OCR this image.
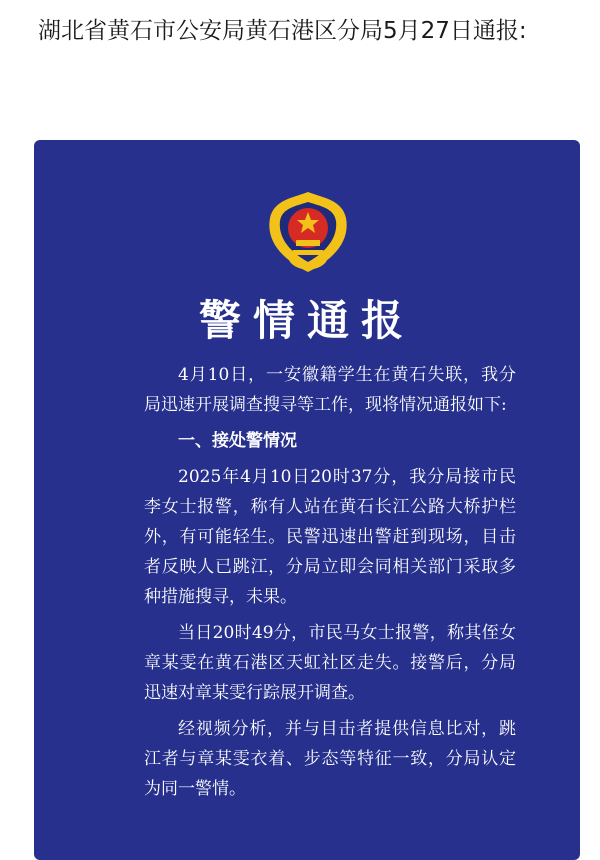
湖北省黄石市公安局黄石港区分局5月27日通报:
警情通报

4月10日，一安徽籍学生在黄石失联，我分局迅速开展调查搜寻等工作，现将情况通报如下:

一、接处警情况

2025年4月10日20时37分，我分局接市民李女士报警，称有人站在黄石长江公路大桥护栏外，有可能轻生。民警迅速出警赶到现场，目击者反映人已跳江，分局立即会同相关部门采取多种措施搜寻，未果。

当日20时49分，市民马女士报警，称其侄女章某雯在黄石港区天虹社区走失。接警后，分局迅速对章某雯行踪展开调查。

经视频分析，并与目击者提供信息比对，跳江者与章某雯衣着、步态等特征一致，分局认定为同一警情。
